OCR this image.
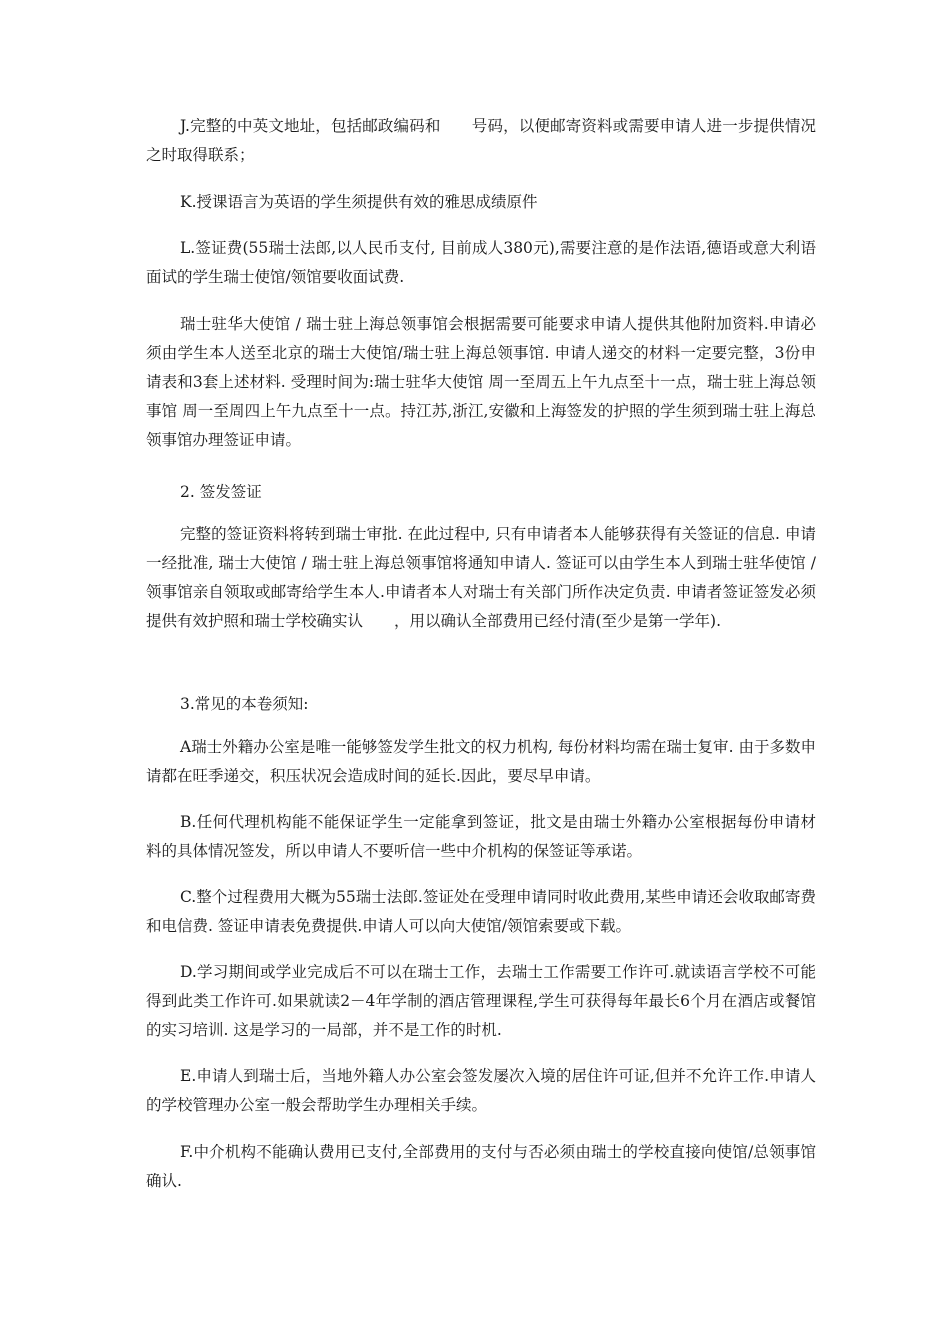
J.完整的中英文地址，包括邮政编码和　　号码，以便邮寄资料或需要申请人进一步提供情况之时取得联系；

K.授课语言为英语的学生须提供有效的雅思成绩原件

L.签证费(55瑞士法郎,以人民币支付, 目前成人380元),需要注意的是作法语,德语或意大利语面试的学生瑞士使馆/领馆要收面试费.

瑞士驻华大使馆 / 瑞士驻上海总领事馆会根据需要可能要求申请人提供其他附加资料.申请必须由学生本人送至北京的瑞士大使馆/瑞士驻上海总领事馆. 申请人递交的材料一定要完整，3份申请表和3套上述材料. 受理时间为:瑞士驻华大使馆 周一至周五上午九点至十一点，瑞士驻上海总领事馆 周一至周四上午九点至十一点。持江苏,浙江,安徽和上海签发的护照的学生须到瑞士驻上海总领事馆办理签证申请。

2. 签发签证

完整的签证资料将转到瑞士审批. 在此过程中, 只有申请者本人能够获得有关签证的信息. 申请一经批准, 瑞士大使馆 / 瑞士驻上海总领事馆将通知申请人. 签证可以由学生本人到瑞士驻华使馆 / 领事馆亲自领取或邮寄给学生本人.申请者本人对瑞士有关部门所作决定负责. 申请者签证签发必须提供有效护照和瑞士学校确实认　　，用以确认全部费用已经付清(至少是第一学年).

3.常见的本卷须知:

A瑞士外籍办公室是唯一能够签发学生批文的权力机构, 每份材料均需在瑞士复审. 由于多数申请都在旺季递交，积压状况会造成时间的延长.因此，要尽早申请。

B.任何代理机构能不能保证学生一定能拿到签证，批文是由瑞士外籍办公室根据每份申请材料的具体情况签发，所以申请人不要听信一些中介机构的保签证等承诺。

C.整个过程费用大概为55瑞士法郎.签证处在受理申请同时收此费用,某些申请还会收取邮寄费和电信费. 签证申请表免费提供.申请人可以向大使馆/领馆索要或下载。

D.学习期间或学业完成后不可以在瑞士工作，去瑞士工作需要工作许可.就读语言学校不可能得到此类工作许可.如果就读2－4年学制的酒店管理课程,学生可获得每年最长6个月在酒店或餐馆的实习培训. 这是学习的一局部，并不是工作的时机.

E.申请人到瑞士后，当地外籍人办公室会签发屡次入境的居住许可证,但并不允许工作.申请人的学校管理办公室一般会帮助学生办理相关手续。

F.中介机构不能确认费用已支付,全部费用的支付与否必须由瑞士的学校直接向使馆/总领事馆　　确认.
